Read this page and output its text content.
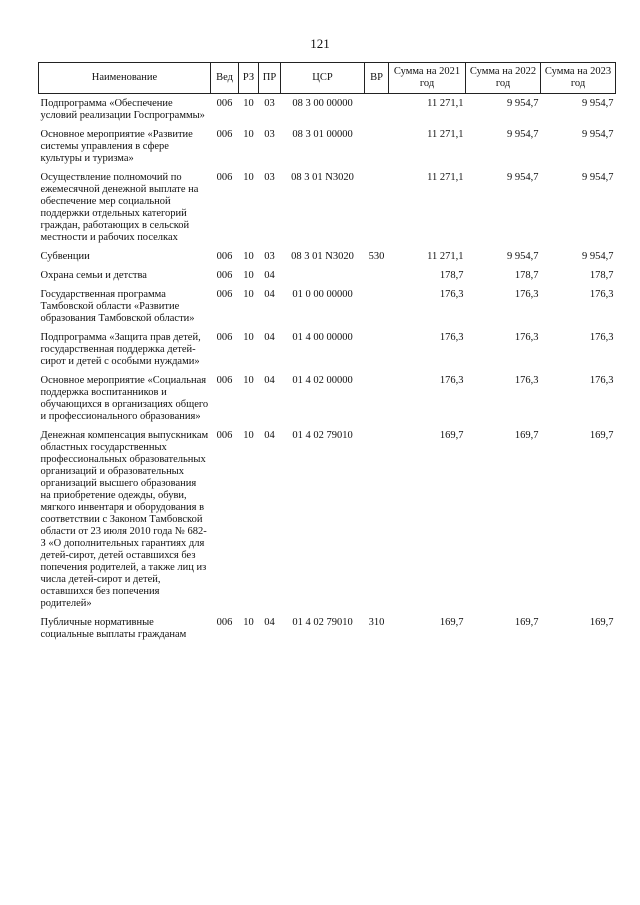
121
Наименование	Вед	РЗ	ПР	ЦСР	ВР	Сумма на 2021 год	Сумма на 2022 год	Сумма на 2023 год
Подпрограмма «Обеспечение условий реализации Госпрограммы»	006	10	03	08 3 00 00000		11 271,1	9 954,7	9 954,7
Основное мероприятие «Развитие системы управления в сфере культуры и туризма»	006	10	03	08 3 01 00000		11 271,1	9 954,7	9 954,7
Осуществление полномочий по ежемесячной денежной выплате на обеспечение мер социальной поддержки отдельных категорий граждан, работающих в сельской местности и рабочих поселках	006	10	03	08 3 01 N3020		11 271,1	9 954,7	9 954,7
Субвенции	006	10	03	08 3 01 N3020	530	11 271,1	9 954,7	9 954,7
Охрана семьи и детства	006	10	04			178,7	178,7	178,7
Государственная программа Тамбовской области «Развитие образования Тамбовской области»	006	10	04	01 0 00 00000		176,3	176,3	176,3
Подпрограмма «Защита прав детей, государственная поддержка детей-сирот и детей с особыми нуждами»	006	10	04	01 4 00 00000		176,3	176,3	176,3
Основное мероприятие «Социальная поддержка воспитанников и обучающихся в организациях общего и профессионального образования»	006	10	04	01 4 02 00000		176,3	176,3	176,3
Денежная компенсация выпускникам областных государственных профессиональных образовательных организаций и образовательных организаций высшего образования на приобретение одежды, обуви, мягкого инвентаря и оборудования в соответствии с Законом Тамбовской области от 23 июля 2010 года № 682-З «О дополнительных гарантиях для детей-сирот, детей оставшихся без попечения родителей, а также лиц из числа детей-сирот и детей, оставшихся без попечения родителей»	006	10	04	01 4 02 79010		169,7	169,7	169,7
Публичные нормативные социальные выплаты гражданам	006	10	04	01 4 02 79010	310	169,7	169,7	169,7
